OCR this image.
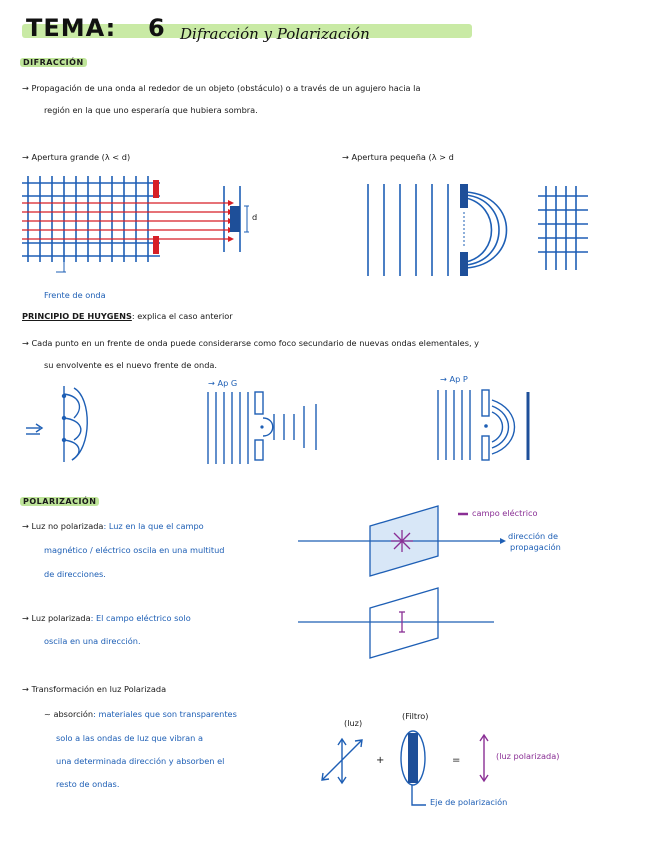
TEMA: 6 Difracción y Polarización
DIFRACCIÓN
→ Propagación de una onda al rededor de un objeto (obstáculo) o a través de un agujero hacia la
región en la que uno esperaría que hubiera sombra.
→ Apertura grande (λ < d)	→ Apertura pequeña (λ > d
d
Frente de onda
PRINCIPIO DE HUYGENS: explica el caso anterior
→ Cada punto en un frente de onda puede considerarse como foco secundario de nuevas ondas elementales, y
su envolvente es el nuevo frente de onda.
→ Ap G	→ Ap P
POLARIZACIÓN
→ Luz no polarizada: Luz en la que el campo
magnético / eléctrico oscila en una multitud
de direcciones.
campo eléctrico
dirección de
propagación
→ Luz polarizada: El campo eléctrico solo
oscila en una dirección.
→ Transformación en luz Polarizada
~ absorción: materiales que son transparentes
solo a las ondas de luz que vibran a
una determinada dirección y absorben el
resto de ondas.
(luz)
(Filtro)
+	=	(luz polarizada)
Eje de polarización
